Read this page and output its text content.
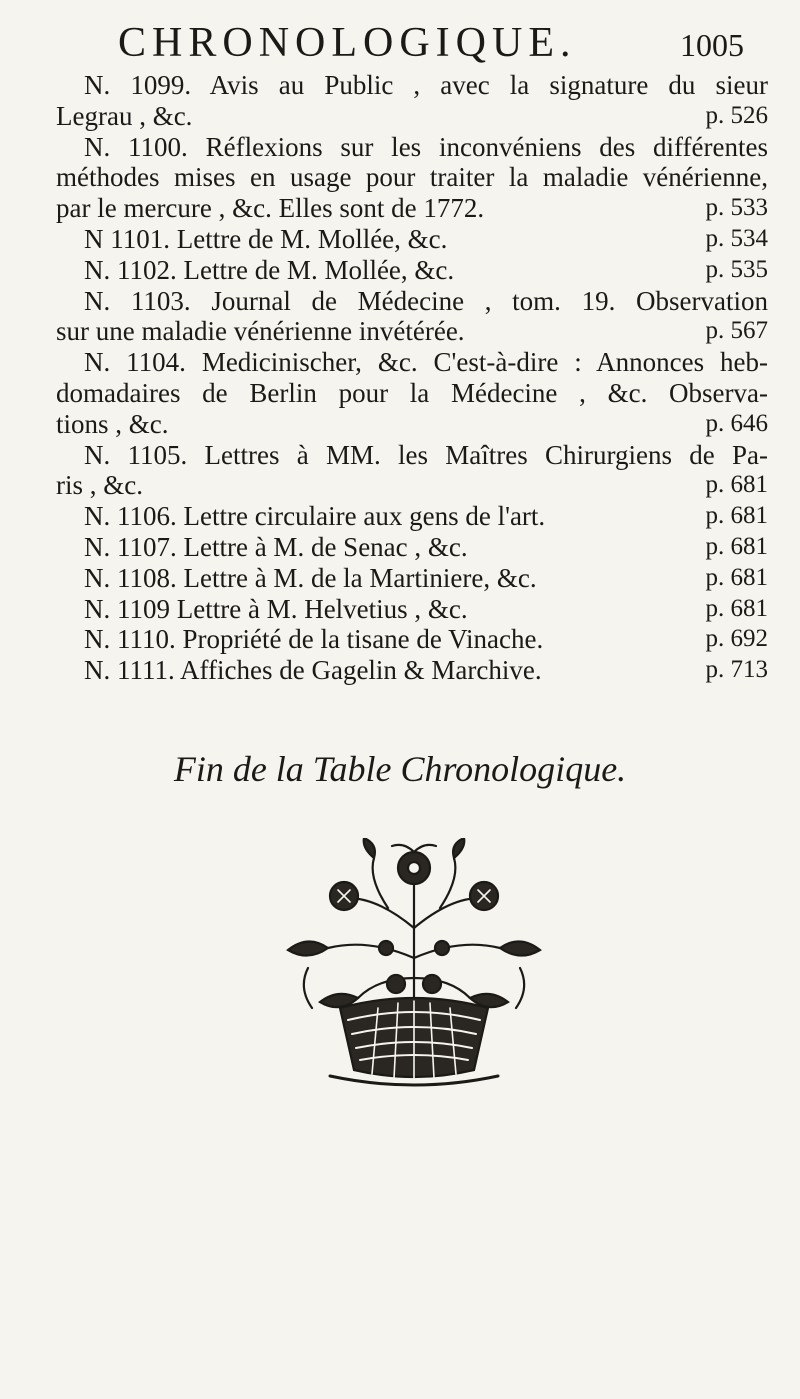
CHRONOLOGIQUE.	1005
N. 1099. Avis au Public , avec la signature du sieur
Legrau , &c.	p. 526
N. 1100. Réflexions sur les inconvéniens des différentes
méthodes mises en usage pour traiter la maladie vénérienne,
par le mercure , &c. Elles sont de 1772.	p. 533
N 1101. Lettre de M. Mollée, &c.	p. 534
N. 1102. Lettre de M. Mollée, &c.	p. 535
N. 1103. Journal de Médecine , tom. 19. Observation
sur une maladie vénérienne invétérée.	p. 567
N. 1104. Medicinischer, &c. C'est-à-dire : Annonces heb-
domadaires de Berlin pour la Médecine , &c. Observa-
tions , &c.	p. 646
N. 1105. Lettres à MM. les Maîtres Chirurgiens de Pa-
ris , &c.	p. 681
N. 1106. Lettre circulaire aux gens de l'art.	p. 681
N. 1107. Lettre à M. de Senac , &c.	p. 681
N. 1108. Lettre à M. de la Martiniere, &c.	p. 681
N. 1109 Lettre à M. Helvetius , &c.	p. 681
N. 1110. Propriété de la tisane de Vinache.	p. 692
N. 1111. Affiches de Gagelin & Marchive.	p. 713
Fin de la Table Chronologique.
